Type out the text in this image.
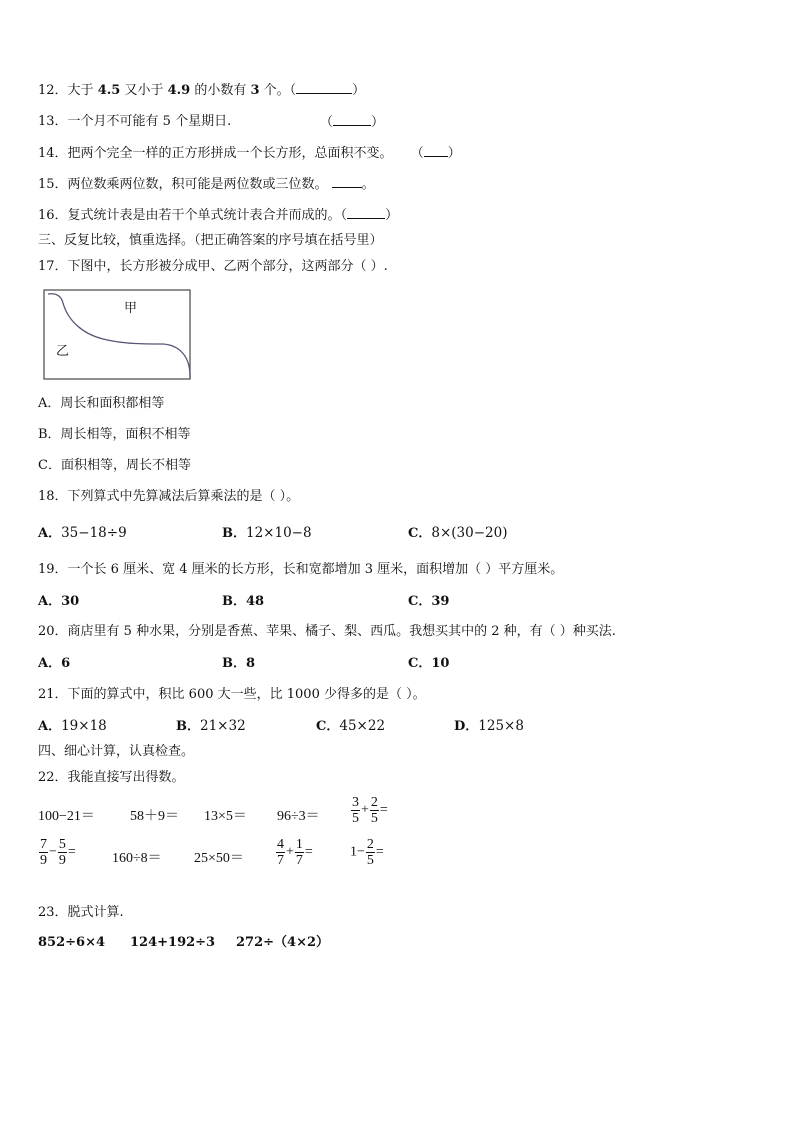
12．大于 4.5 又小于 4.9 的小数有 3 个。（	）
13．一个月不可能有 5 个星期日.	（	）
14．把两个完全一样的正方形拼成一个长方形，总面积不变。 （ ）
15．两位数乘两位数，积可能是两位数或三位数。	。
16．复式统计表是由若干个单式统计表合并而成的。（	）
三、反复比较，慎重选择。（把正确答案的序号填在括号里）
17．下图中，长方形被分成甲、乙两个部分，这两部分（ ）.
甲
乙
A．周长和面积都相等
B．周长相等，面积不相等
C．面积相等，周长不相等
18．下列算式中先算减法后算乘法的是（ ）。
A．35−18÷9	B．12×10−8	C．8×(30−20)
19．一个长 6 厘米、宽 4 厘米的长方形，长和宽都增加 3 厘米，面积增加（ ）平方厘米。
A．30	B．48	C．39
20．商店里有 5 种水果，分别是香蕉、苹果、橘子、梨、西瓜。我想买其中的 2 种，有（ ）种买法.
A．6	B．8	C．10
21．下面的算式中，积比 600 大一些，比 1000 少得多的是（ ）。
A．19×18	B．21×32	C．45×22	D．125×8
四、细心计算，认真检查。
22．我能直接写出得数。
100−21＝	$58+9= 13\times 5= 96\div 3= \frac{3}{5} + \frac{2}{5}$ =
$\frac{7}{9} - \frac{5}{9}$ =	$160\div 8= 25\times 50= \frac{4}{7} + \frac{1}{7}$ =	$1- \frac{2}{5}$ =
23．脱式计算.
852÷6×4 124+192÷3 272÷（4×2）
